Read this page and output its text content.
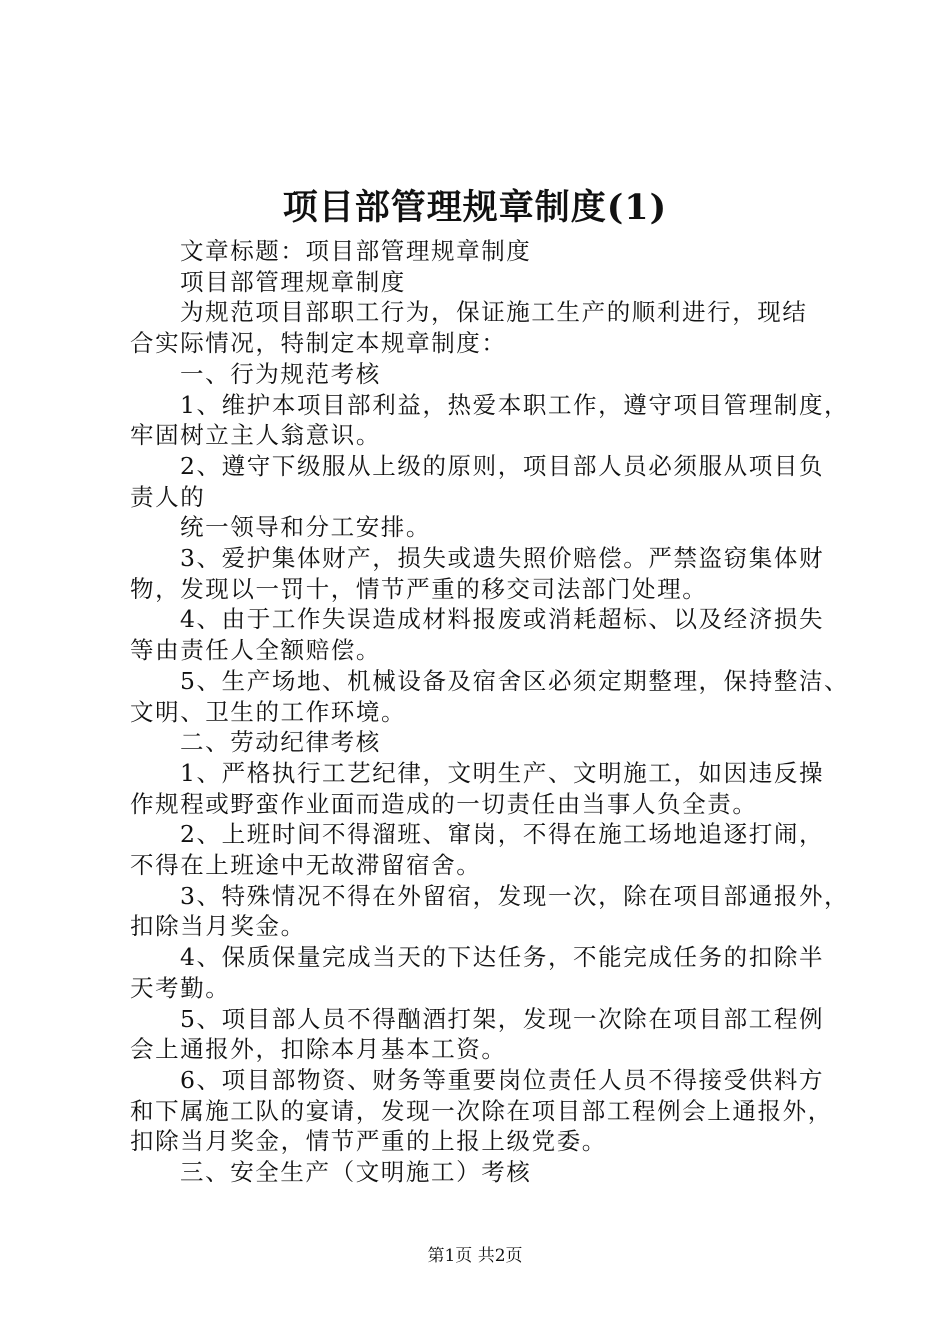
项目部管理规章制度(1)

文章标题：项目部管理规章制度

项目部管理规章制度

为规范项目部职工行为，保证施工生产的顺利进行，现结

合实际情况，特制定本规章制度：

一、行为规范考核

1、维护本项目部利益，热爱本职工作，遵守项目管理制度，

牢固树立主人翁意识。

2、遵守下级服从上级的原则，项目部人员必须服从项目负

责人的

统一领导和分工安排。

3、爱护集体财产，损失或遗失照价赔偿。严禁盗窃集体财

物，发现以一罚十，情节严重的移交司法部门处理。

4、由于工作失误造成材料报废或消耗超标、以及经济损失

等由责任人全额赔偿。

5、生产场地、机械设备及宿舍区必须定期整理，保持整洁、

文明、卫生的工作环境。

二、劳动纪律考核

1、严格执行工艺纪律，文明生产、文明施工，如因违反操

作规程或野蛮作业面而造成的一切责任由当事人负全责。

2、上班时间不得溜班、窜岗，不得在施工场地追逐打闹，

不得在上班途中无故滞留宿舍。

3、特殊情况不得在外留宿，发现一次，除在项目部通报外，

扣除当月奖金。

4、保质保量完成当天的下达任务，不能完成任务的扣除半

天考勤。

5、项目部人员不得酗酒打架，发现一次除在项目部工程例

会上通报外，扣除本月基本工资。

6、项目部物资、财务等重要岗位责任人员不得接受供料方

和下属施工队的宴请，发现一次除在项目部工程例会上通报外，

扣除当月奖金，情节严重的上报上级党委。

三、安全生产（文明施工）考核

第1页 共2页
